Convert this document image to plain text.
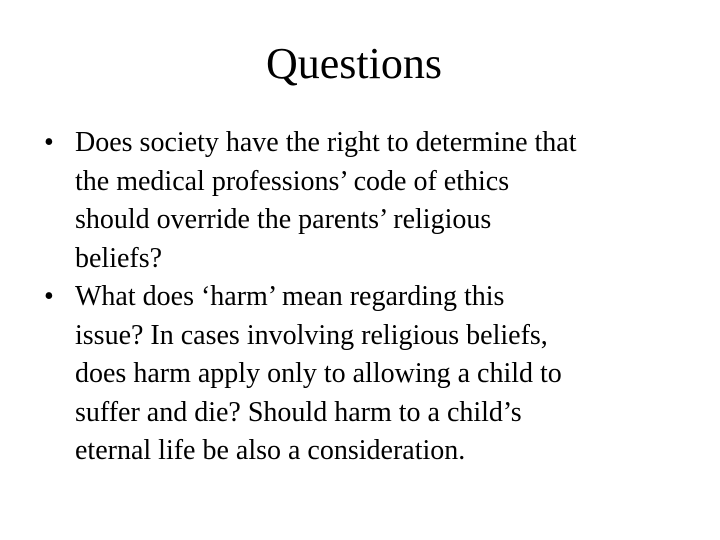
Questions
• Does society have the right to determine that
the medical professions’ code of ethics
should override the parents’ religious
beliefs?
• What does ‘harm’ mean regarding this
issue? In cases involving religious beliefs,
does harm apply only to allowing a child to
suffer and die? Should harm to a child’s
eternal life be also a consideration.
